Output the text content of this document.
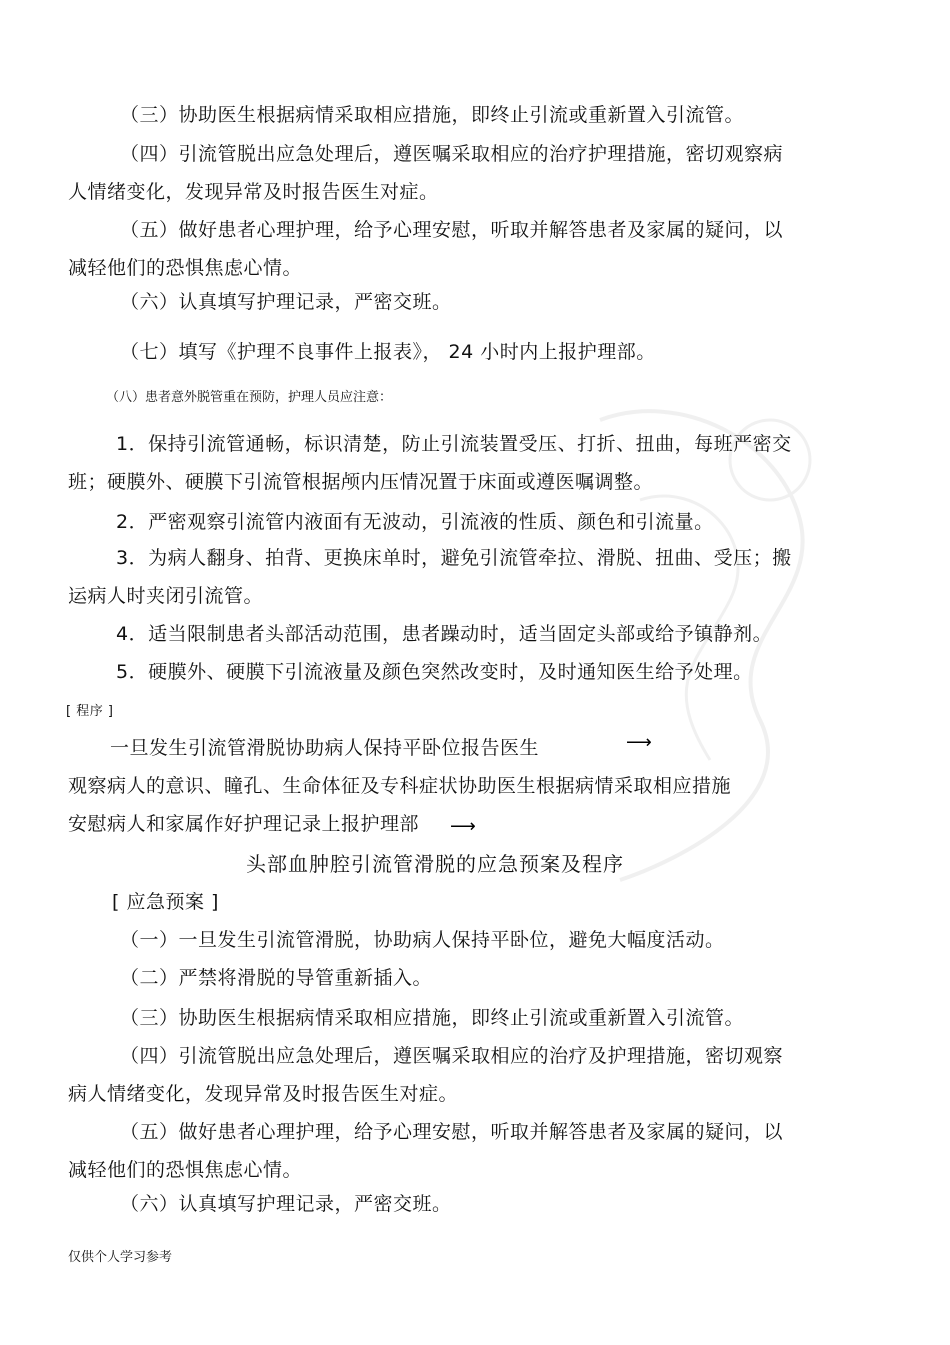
（三）协助医生根据病情采取相应措施，即终止引流或重新置入引流管。
（四）引流管脱出应急处理后，遵医嘱采取相应的治疗护理措施，密切观察病
人情绪变化，发现异常及时报告医生对症。
（五）做好患者心理护理，给予心理安慰，听取并解答患者及家属的疑问，以
减轻他们的恐惧焦虑心情。
（六）认真填写护理记录，严密交班。
（七）填写《护理不良事件上报表》， 24 小时内上报护理部。
（八）患者意外脱管重在预防，护理人员应注意：
1．保持引流管通畅，标识清楚，防止引流装置受压、打折、扭曲，每班严密交
班；硬膜外、硬膜下引流管根据颅内压情况置于床面或遵医嘱调整。
2．严密观察引流管内液面有无波动，引流液的性质、颜色和引流量。
3．为病人翻身、拍背、更换床单时，避免引流管牵拉、滑脱、扭曲、受压；搬
运病人时夹闭引流管。
4．适当限制患者头部活动范围，患者躁动时，适当固定头部或给予镇静剂。
5．硬膜外、硬膜下引流液量及颜色突然改变时，及时通知医生给予处理。
[ 程序 ]
一旦发生引流管滑脱协助病人保持平卧位报告医生	⟶
观察病人的意识、瞳孔、生命体征及专科症状协助医生根据病情采取相应措施
安慰病人和家属作好护理记录上报护理部 ⟶
头部血肿腔引流管滑脱的应急预案及程序
[ 应急预案 ]
（一）一旦发生引流管滑脱，协助病人保持平卧位，避免大幅度活动。
（二）严禁将滑脱的导管重新插入。
（三）协助医生根据病情采取相应措施，即终止引流或重新置入引流管。
（四）引流管脱出应急处理后，遵医嘱采取相应的治疗及护理措施，密切观察
病人情绪变化，发现异常及时报告医生对症。
（五）做好患者心理护理，给予心理安慰，听取并解答患者及家属的疑问，以
减轻他们的恐惧焦虑心情。
（六）认真填写护理记录，严密交班。
仅供个人学习参考
